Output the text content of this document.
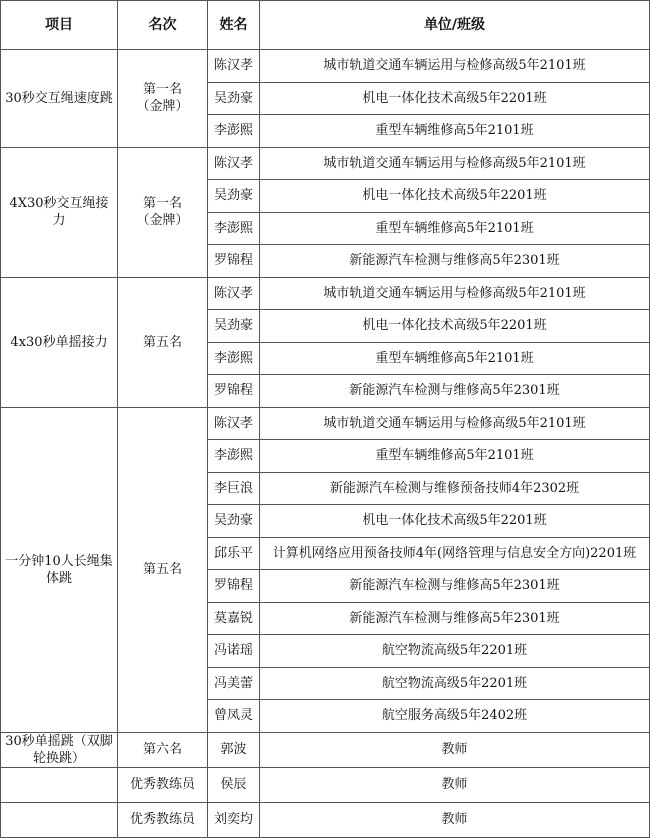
项目	名次	姓名	单位/班级
30秒交互绳速度跳	第一名（金牌）	陈汉孝	城市轨道交通车辆运用与检修高级5年2101班
		吴劲豪	机电一体化技术高级5年2201班
		李澎熙	重型车辆维修高5年2101班
4X30秒交互绳接力	第一名（金牌）	陈汉孝	城市轨道交通车辆运用与检修高级5年2101班
		吴劲豪	机电一体化技术高级5年2201班
		李澎熙	重型车辆维修高5年2101班
		罗锦程	新能源汽车检测与维修高5年2301班
4x30秒单摇接力	第五名	陈汉孝	城市轨道交通车辆运用与检修高级5年2101班
		吴劲豪	机电一体化技术高级5年2201班
		李澎熙	重型车辆维修高5年2101班
		罗锦程	新能源汽车检测与维修高5年2301班
一分钟10人长绳集体跳	第五名	陈汉孝	城市轨道交通车辆运用与检修高级5年2101班
		李澎熙	重型车辆维修高5年2101班
		李巨浪	新能源汽车检测与维修预备技师4年2302班
		吴劲豪	机电一体化技术高级5年2201班
		邱乐平	计算机网络应用预备技师4年(网络管理与信息安全方向)2201班
		罗锦程	新能源汽车检测与维修高5年2301班
		莫嘉锐	新能源汽车检测与维修高5年2301班
		冯诺瑶	航空物流高级5年2201班
		冯美蕾	航空物流高级5年2201班
		曾凤灵	航空服务高级5年2402班
30秒单摇跳（双脚轮换跳）	第六名	郭波	教师
	优秀教练员	侯辰	教师
	优秀教练员	刘奕均	教师
